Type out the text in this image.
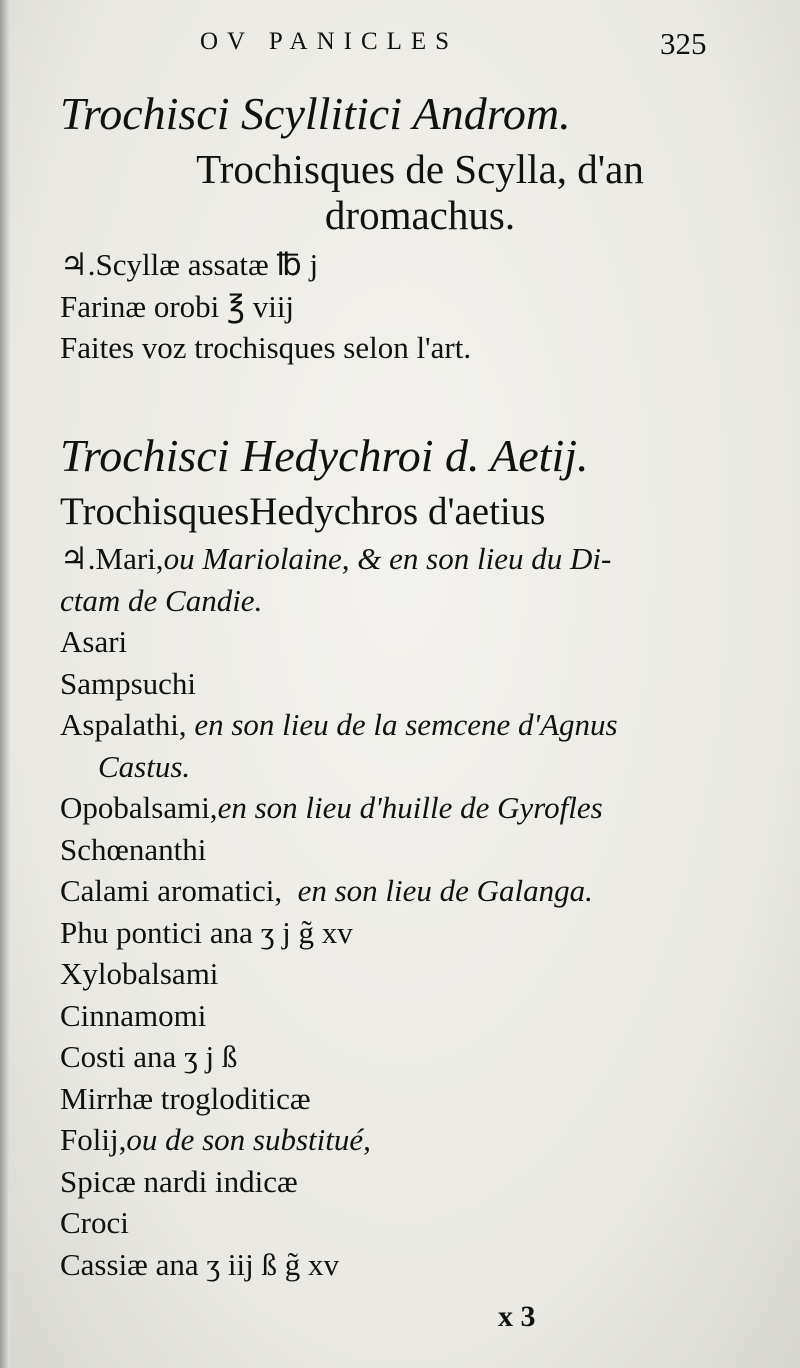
OV PANICLES	325
Trochisci Scyllitici Androm.
Trochisques de Scylla, d'an
dromachus.
♃.Scyllæ assatæ ℔ j
Farinæ orobi ℥ viij
Faites voz trochisques selon l'art.
Trochisci Hedychroi d. Aetij.
TrochisquesHedychros d'aetius
♃.Mari,ou Mariolaine, & en son lieu du Di-
ctam de Candie.
Asari
Sampsuchi
Aspalathi, en son lieu de la semcene d'Agnus
Castus.
Opobalsami,en son lieu d'huille de Gyrofles
Schœnanthi
Calami aromatici, en son lieu de Galanga.
Phu pontici ana ʒ j g̃ xv
Xylobalsami
Cinnamomi
Costi ana ʒ j ß
Mirrhæ trogloditicæ
Folij,ou de son substitué,
Spicæ nardi indicæ
Croci
Cassiæ ana ʒ iij ß g̃ xv
x 3
